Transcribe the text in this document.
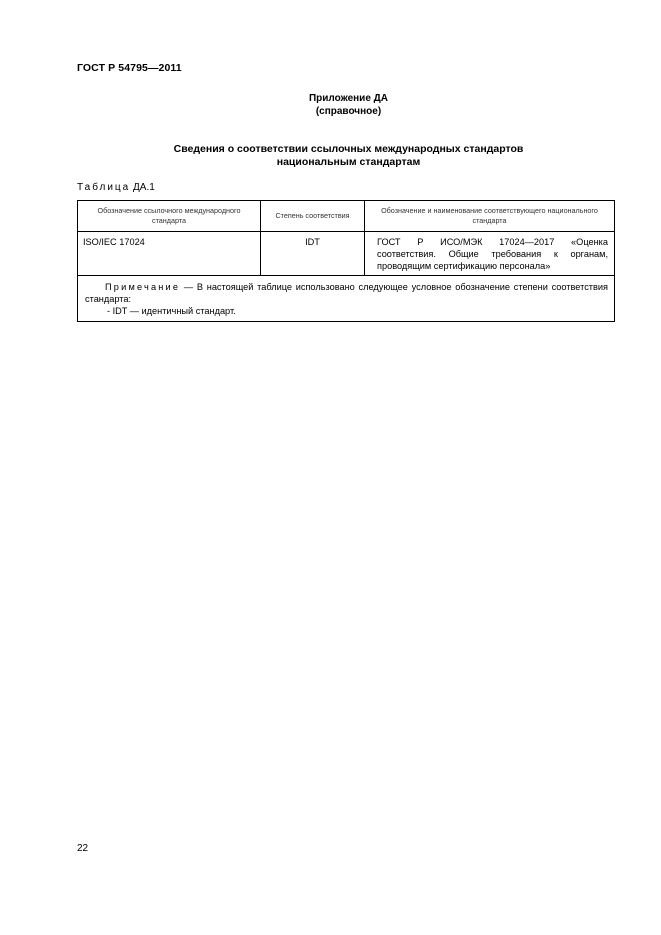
ГОСТ Р 54795—2011
Приложение ДА
(справочное)
Сведения о соответствии ссылочных международных стандартов
национальным стандартам
Таблица ДА.1
Обозначение ссылочного международного стандарта	Степень соответствия	Обозначение и наименование соответствующего национального стандарта
ISO/IEC 17024	IDT	ГОСТ Р ИСО/МЭК 17024—2017 «Оценка соответствия. Общие требования к органам, проводящим сертификацию персонала»
Примечание — В настоящей таблице использовано следующее условное обозначение степени соответствия стандарта:
- IDT — идентичный стандарт.		
22
